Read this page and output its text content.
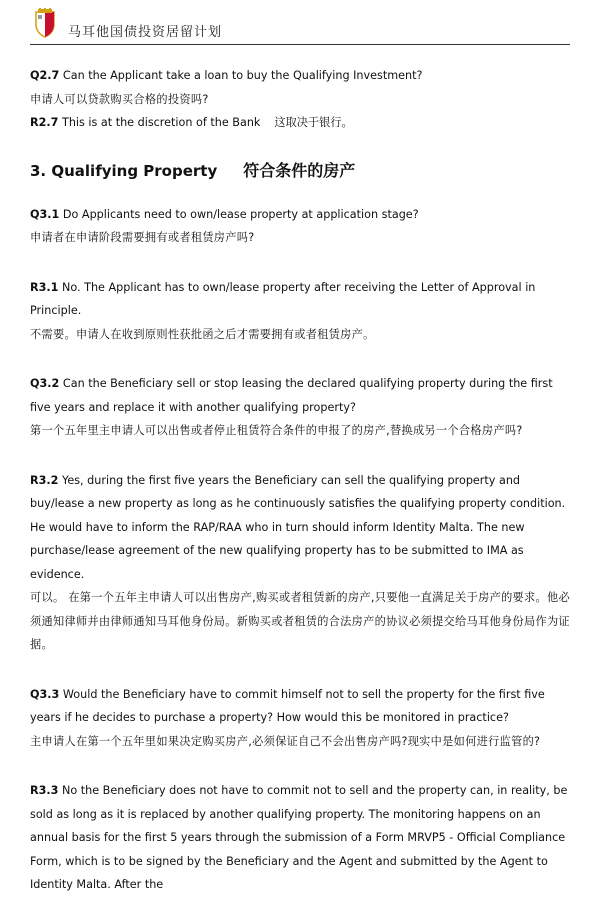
马耳他国债投资居留计划

Q2.7 Can the Applicant take a loan to buy the Qualifying Investment?

申请人可以贷款购买合格的投资吗?

R2.7 This is at the discretion of the Bank 这取决于银行。

3. Qualifying Property 符合条件的房产

Q3.1 Do Applicants need to own/lease property at application stage?

申请者在申请阶段需要拥有或者租赁房产吗?

R3.1 No. The Applicant has to own/lease property after receiving the Letter of Approval in Principle.

不需要。申请人在收到原则性获批函之后才需要拥有或者租赁房产。

Q3.2 Can the Beneficiary sell or stop leasing the declared qualifying property during the first five years and replace it with another qualifying property?

第一个五年里主申请人可以出售或者停止租赁符合条件的申报了的房产,替换成另一个合格房产吗?

R3.2 Yes, during the first five years the Beneficiary can sell the qualifying property and buy/lease a new property as long as he continuously satisfies the qualifying property condition. He would have to inform the RAP/RAA who in turn should inform Identity Malta. The new purchase/lease agreement of the new qualifying property has to be submitted to IMA as evidence.

可以。 在第一个五年主申请人可以出售房产,购买或者租赁新的房产,只要他一直满足关于房产的要求。他必须通知律师并由律师通知马耳他身份局。新购买或者租赁的合法房产的协议必须提交给马耳他身份局作为证据。

Q3.3 Would the Beneficiary have to commit himself not to sell the property for the first five years if he decides to purchase a property? How would this be monitored in practice?

主申请人在第一个五年里如果决定购买房产,必须保证自己不会出售房产吗?现实中是如何进行监管的?

R3.3 No the Beneficiary does not have to commit not to sell and the property can, in reality, be sold as long as it is replaced by another qualifying property. The monitoring happens on an annual basis for the first 5 years through the submission of a Form MRVP5 - Official Compliance Form, which is to be signed by the Beneficiary and the Agent and submitted by the Agent to Identity Malta. After the
